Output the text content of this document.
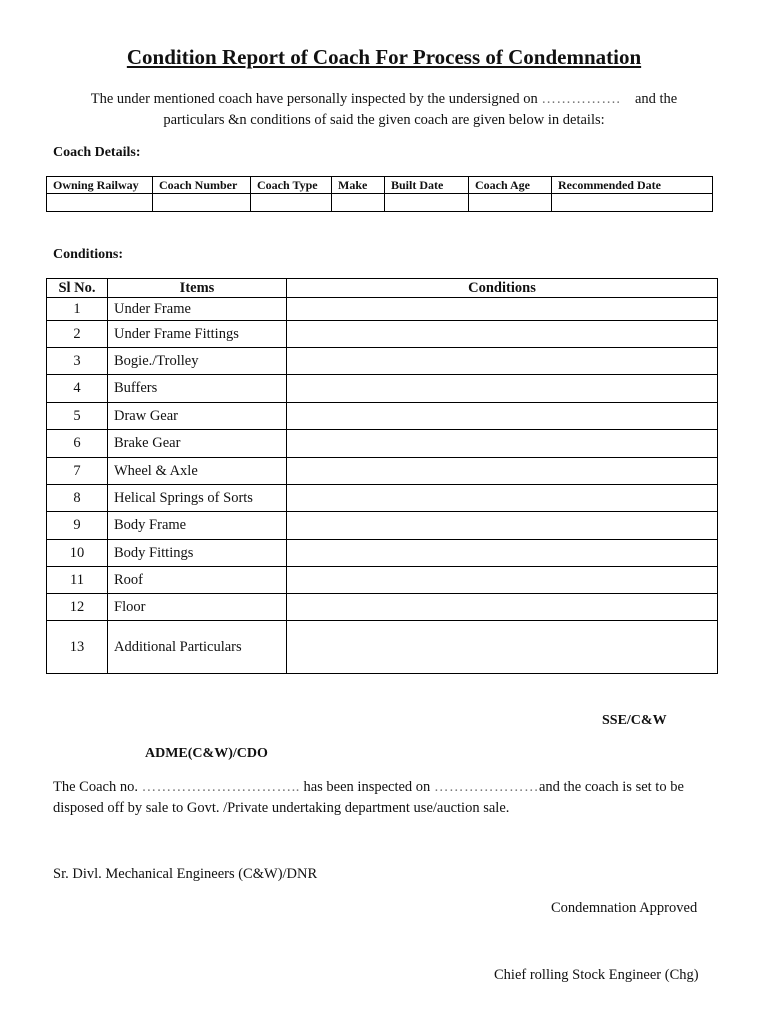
Condition Report of Coach For Process of Condemnation
The under mentioned coach have personally inspected by the undersigned on ……………. and the
particulars &n conditions of said the given coach are given below in details:
Coach Details:
Owning Railway	Coach Number	Coach Type	Make	Built Date	Coach Age	Recommended Date

Conditions:
Sl No.	Items	Conditions
1	Under Frame	
2	Under Frame Fittings	
3	Bogie./Trolley	
4	Buffers	
5	Draw Gear	
6	Brake Gear	
7	Wheel & Axle	
8	Helical Springs of Sorts	
9	Body Frame	
10	Body Fittings	
11	Roof	
12	Floor	
13	Additional Particulars	
SSE/C&W
ADME(C&W)/CDO
The Coach no. ………………………….. has been inspected on …………………and the coach is set to be
disposed off by sale to Govt. /Private undertaking department use/auction sale.
Sr. Divl. Mechanical Engineers (C&W)/DNR
Condemnation Approved
Chief rolling Stock Engineer (Chg)
